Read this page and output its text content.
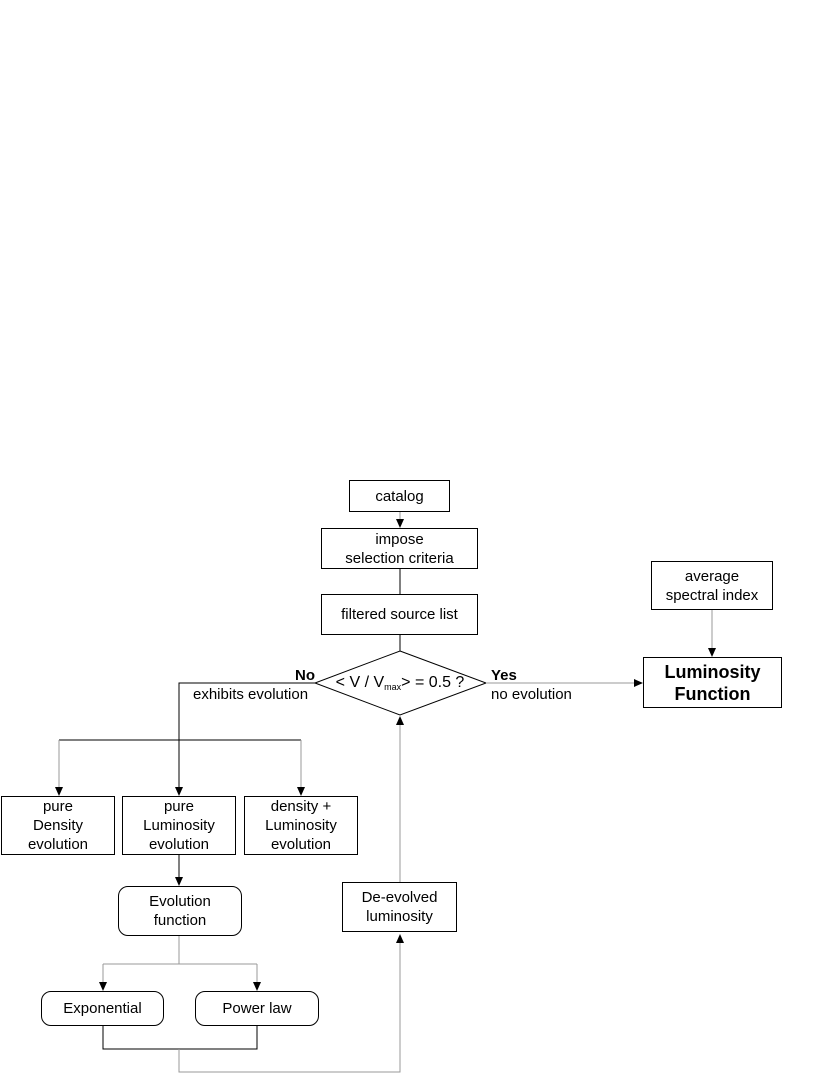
catalog
impose
selection criteria
filtered source list
< $V / V_{max}> = 0.5$ ?
No
exhibits evolution
Yes
no evolution
average
spectral index
Luminosity
Function
pure
Density
evolution
pure
Luminosity
evolution
density +
Luminosity
evolution
Evolution
function
Exponential	Power law
De-evolved
luminosity
